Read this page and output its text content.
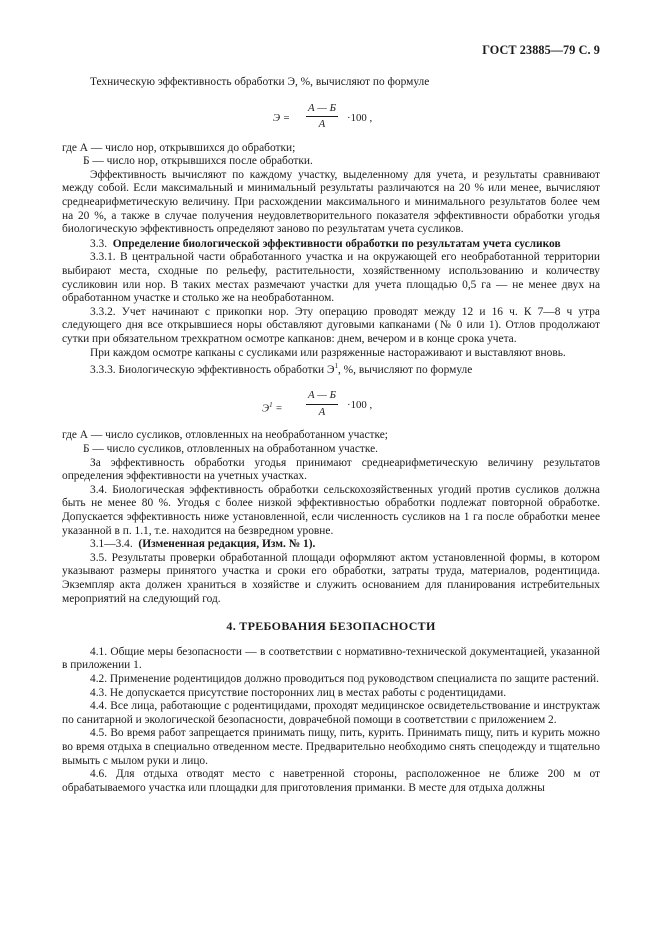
ГОСТ 23885—79 С. 9

Техническую эффективность обработки Э, %, вычисляют по формуле

Э =
А — Б
А
·100 ,

где А — число нор, открывшихся до обработки;

Б — число нор, открывшихся после обработки.

Эффективность вычисляют по каждому участку, выделенному для учета, и результаты сравнивают между собой. Если максимальный и минимальный результаты различаются на 20 % или менее, вычисляют среднеарифметическую величину. При расхождении максимального и минимального результатов более чем на 20 %, а также в случае получения неудовлетворительного показателя эффективности обработки угодья биологическую эффективность определяют заново по результатам учета сусликов.

3.3. Определение биологической эффективности обработки по результатам учета сусликов

3.3.1. В центральной части обработанного участка и на окружающей его необработанной территории выбирают места, сходные по рельефу, растительности, хозяйственному использованию и количеству сусликовин или нор. В таких местах размечают участки для учета площадью 0,5 га — не менее двух на обработанном участке и столько же на необработанном.

3.3.2. Учет начинают с прикопки нор. Эту операцию проводят между 12 и 16 ч. К 7—8 ч утра следующего дня все открывшиеся норы обставляют дуговыми капканами (№ 0 или 1). Отлов продолжают сутки при обязательном трехкратном осмотре капканов: днем, вечером и в конце срока учета.

При каждом осмотре капканы с сусликами или разряженные настораживают и выставляют вновь.

3.3.3. Биологическую эффективность обработки $Э^1$, %, вычисляют по формуле

$Э^1$ =
А — Б
А
·100 ,

где А — число сусликов, отловленных на необработанном участке;

Б — число сусликов, отловленных на обработанном участке.

За эффективность обработки угодья принимают среднеарифметическую величину результатов определения эффективности на учетных участках.

3.4. Биологическая эффективность обработки сельскохозяйственных угодий против сусликов должна быть не менее 80 %. Угодья с более низкой эффективностью обработки подлежат повторной обработке. Допускается эффективность ниже установленной, если численность сусликов на 1 га после обработки менее указанной в п. 1.1, т.е. находится на безвредном уровне.

3.1—3.4. (Измененная редакция, Изм. № 1).

3.5. Результаты проверки обработанной площади оформляют актом установленной формы, в котором указывают размеры принятого участка и сроки его обработки, затраты труда, материалов, родентицида. Экземпляр акта должен храниться в хозяйстве и служить основанием для планирования истребительных мероприятий на следующий год.

4. ТРЕБОВАНИЯ БЕЗОПАСНОСТИ

4.1. Общие меры безопасности — в соответствии с нормативно-технической документацией, указанной в приложении 1.

4.2. Применение родентицидов должно проводиться под руководством специалиста по защите растений.

4.3. Не допускается присутствие посторонних лиц в местах работы с родентицидами.

4.4. Все лица, работающие с родентицидами, проходят медицинское освидетельствование и инструктаж по санитарной и экологической безопасности, доврачебной помощи в соответствии с приложением 2.

4.5. Во время работ запрещается принимать пищу, пить, курить. Принимать пищу, пить и курить можно во время отдыха в специально отведенном месте. Предварительно необходимо снять спецодежду и тщательно вымыть с мылом руки и лицо.

4.6. Для отдыха отводят место с наветренной стороны, расположенное не ближе 200 м от обрабатываемого участка или площадки для приготовления приманки. В месте для отдыха должны
